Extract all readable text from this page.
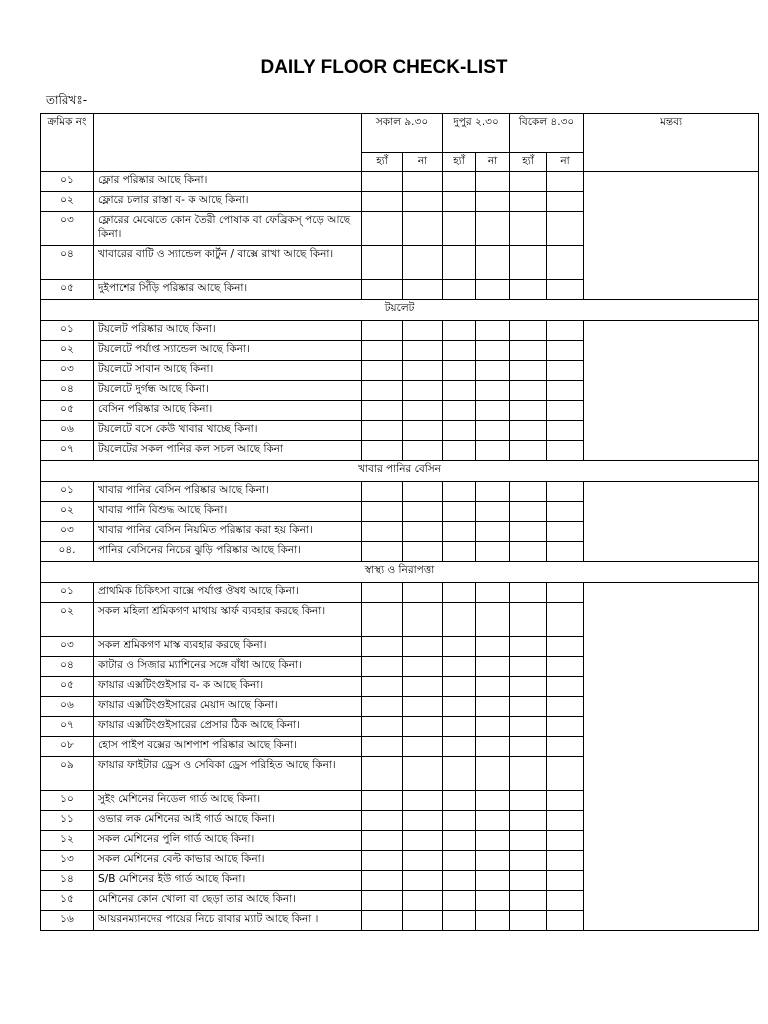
DAILY FLOOR CHECK-LIST
তারিখঃ-
ক্রমিক নং		সকাল ৯.৩০		দুপুর ২.৩০		বিকেল ৪.৩০		মন্তব্য
		হ্যাঁ	না	হ্যাঁ	না	হ্যাঁ	না	
০১	ফ্লোর পরিষ্কার আছে কিনা।							
০২	ফ্লোরে চলার রাস্তা ব- ক আছে কিনা।							
০৩	ফ্লোরের মেঝেতে কোন তৈরী পোষাক বা ফেব্রিকস্ পড়ে আছে কিনা।							
০৪	খাবারের বাটি ও স্যান্ডেল কার্টুন / বাক্সে রাখা আছে কিনা।							
০৫	দুইপাশের সিঁড়ি পরিষ্কার আছে কিনা।							
টয়লেট								
০১	টয়লেট পরিষ্কার আছে কিনা।							
০২	টয়লেটে পর্যাপ্ত স্যান্ডেল আছে কিনা।							
০৩	টয়লেটে সাবান আছে কিনা।							
০৪	টয়লেটে দুর্গন্ধ আছে কিনা।							
০৫	বেসিন পরিষ্কার আছে কিনা।							
০৬	টয়লেটে বসে কেউ খাবার খাচ্ছে কিনা।							
০৭	টয়লেটের সকল পানির কল সচল আছে কিনা							
খাবার পানির বেসিন								
০১	খাবার পানির বেসিন পরিষ্কার আছে কিনা।							
০২	খাবার পানি বিশুদ্ধ আছে কিনা।							
০৩	খাবার পানির বেসিন নিয়মিত পরিষ্কার করা হয় কিনা।							
০৪.	পানির বেসিনের নিচের ঝুড়ি পরিষ্কার আছে কিনা।							
স্বাস্থ্য ও নিরাপত্তা								
০১	প্রাথমিক চিকিৎসা বাক্সে পর্যাপ্ত ঔষধ আছে কিনা।							
০২	সকল মহিলা শ্রমিকগণ মাথায় স্কার্ফ ব্যবহার করছে কিনা।							
০৩	সকল শ্রমিকগণ মাস্ক ব্যবহার করছে কিনা।							
০৪	কাটার ও সিজার ম্যাশিনের সঙ্গে বাঁধা আছে কিনা।							
০৫	ফায়ার এক্সটিংগুইসার ব- ক আছে কিনা।							
০৬	ফায়ার এক্সটিংগুইসারের মেয়াদ আছে কিনা।							
০৭	ফায়ার এক্সটিংগুইসারের প্রেসার ঠিক আছে কিনা।							
০৮	হোস পাইপ বক্সের আশপাশ পরিষ্কার আছে কিনা।							
০৯	ফায়ার ফাইটার ড্রেস ও সেবিকা ড্রেস পরিহিত আছে কিনা।							
১০	সুইং মেশিনের নিডেল গার্ড আছে কিনা।							
১১	ওভার লক মেশিনের আই গার্ড আছে কিনা।							
১২	সকল মেশিনের পুলি গার্ড আছে কিনা।							
১৩	সকল মেশিনের বেল্ট কাভার আছে কিনা।							
১৪	S/B মেশিনের ইউ গার্ড আছে কিনা।							
১৫	মেশিনের কোন খোলা বা ছেড়া তার আছে কিনা।							
১৬	আয়রনম্যানদের পায়ের নিচে রাবার ম্যাট আছে কিনা ।							
